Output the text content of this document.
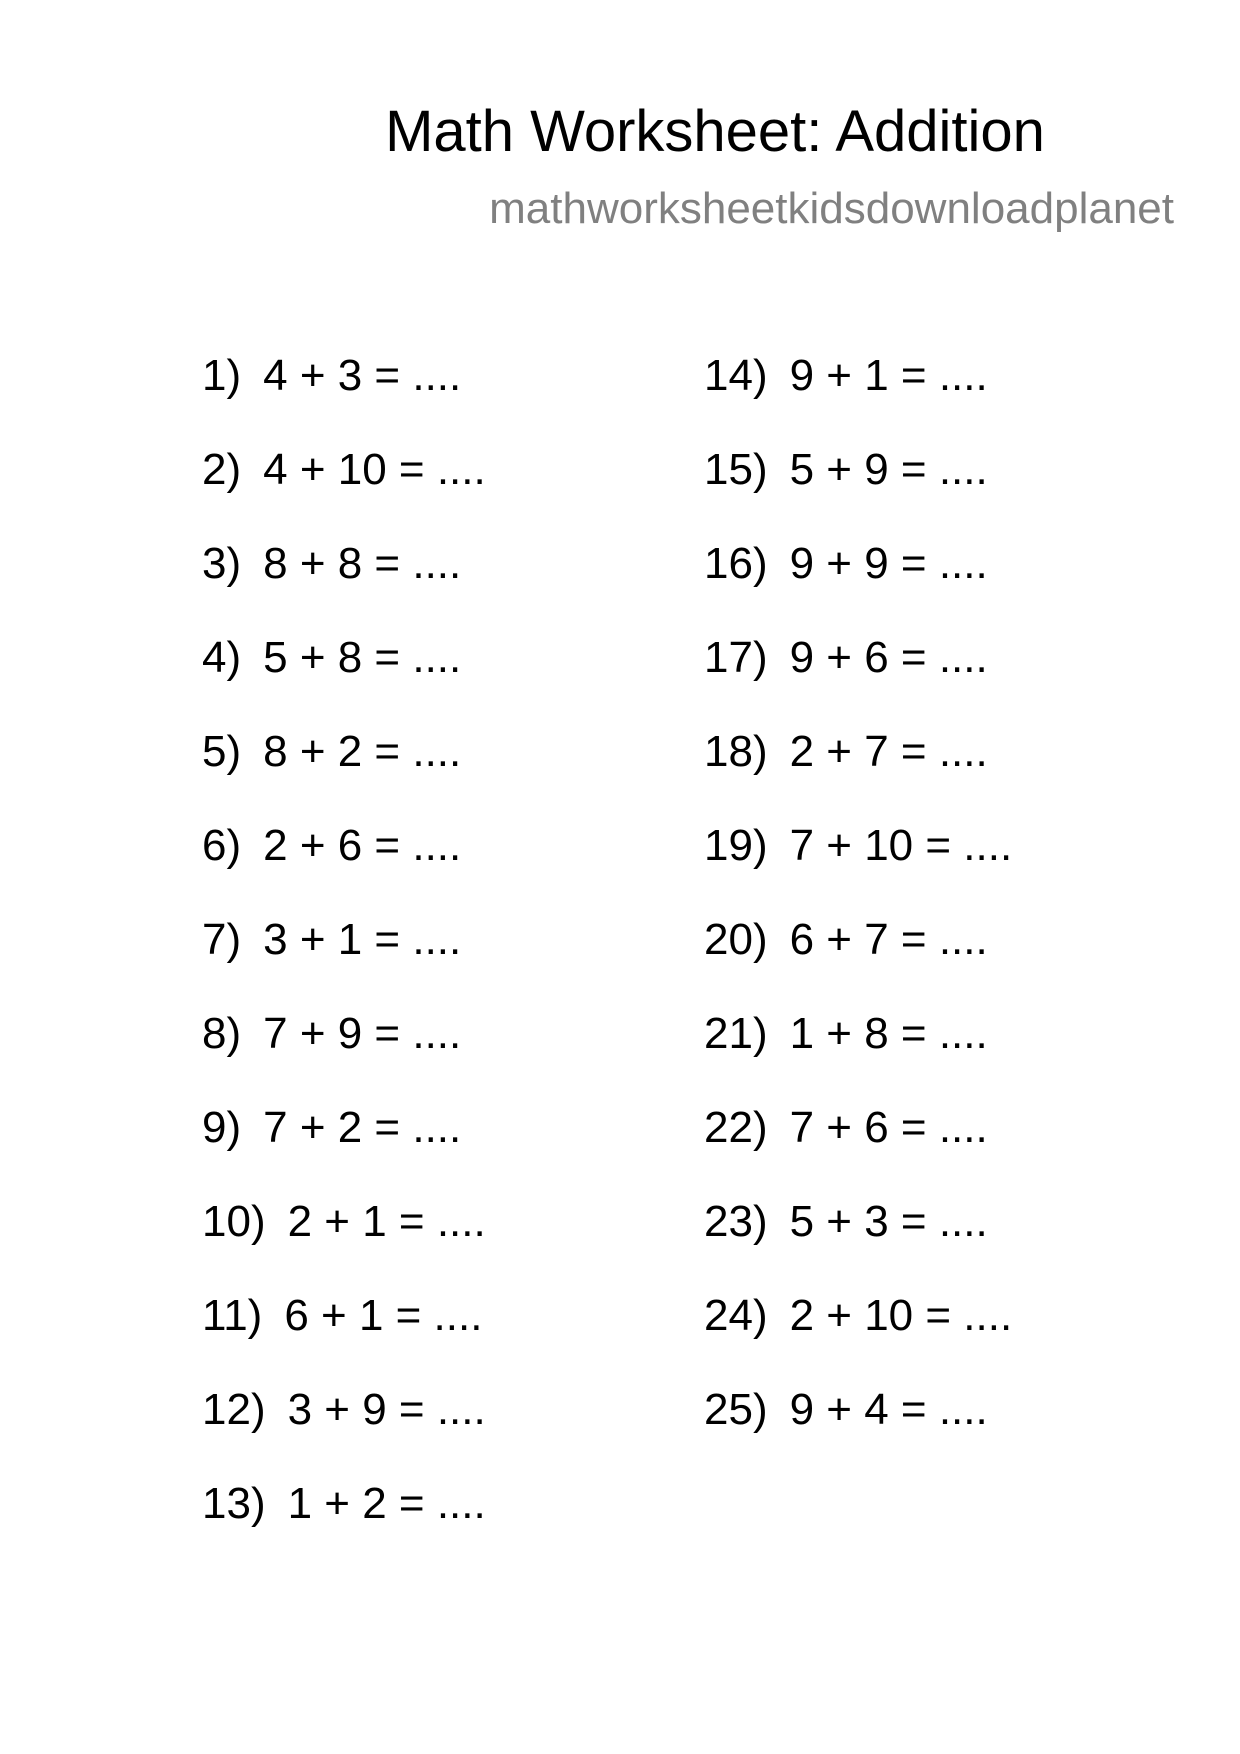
Math Worksheet: Addition
mathworksheetkidsdownloadplanet
1) 4 + 3 = ....
2) 4 + 10 = ....
3) 8 + 8 = ....
4) 5 + 8 = ....
5) 8 + 2 = ....
6) 2 + 6 = ....
7) 3 + 1 = ....
8) 7 + 9 = ....
9) 7 + 2 = ....
10) 2 + 1 = ....
11) 6 + 1 = ....
12) 3 + 9 = ....
13) 1 + 2 = ....
14) 9 + 1 = ....
15) 5 + 9 = ....
16) 9 + 9 = ....
17) 9 + 6 = ....
18) 2 + 7 = ....
19) 7 + 10 = ....
20) 6 + 7 = ....
21) 1 + 8 = ....
22) 7 + 6 = ....
23) 5 + 3 = ....
24) 2 + 10 = ....
25) 9 + 4 = ....
